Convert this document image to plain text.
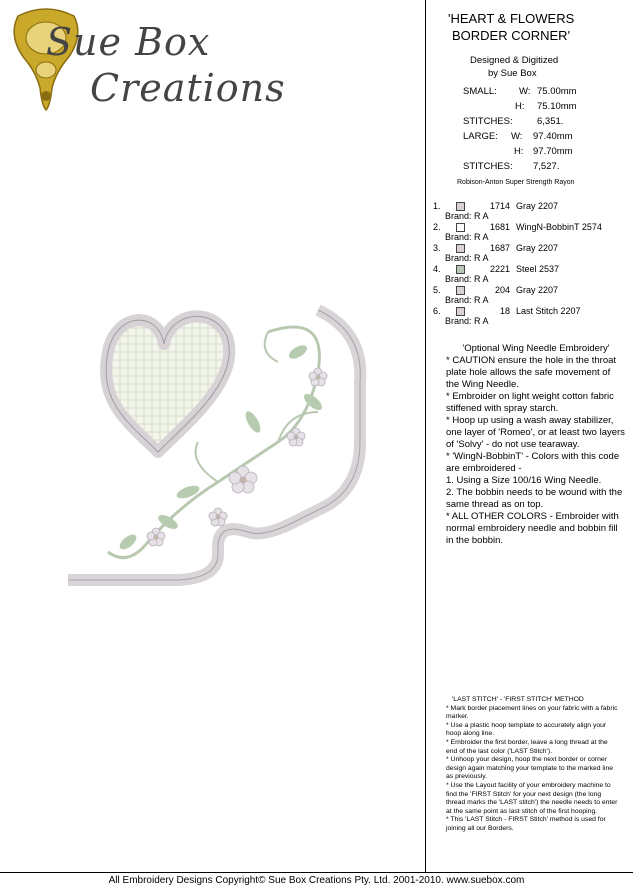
Sue Box
Creations
'HEART & FLOWERS
BORDER CORNER'
Designed & Digitized
by Sue Box
SMALL: W: 75.00mm
H: 75.10mm
STITCHES:	6,351.
LARGE: W: 97.40mm
H: 97.70mm
STITCHES: 7,527.
Robison-Anton Super Strength Rayon
1.	1714 Gray 2207
Brand: R A
2.	1681 WingN-BobbinT 2574
Brand: R A
3.	1687 Gray 2207
Brand: R A
4.	2221 Steel 2537
Brand: R A
5.	204 Gray 2207
Brand: R A
6.	18 Last Stitch 2207
Brand: R A

'Optional Wing Needle Embroidery'

* CAUTION ensure the hole in the throat plate hole allows the safe movement of the Wing Needle.

* Embroider on light weight cotton fabric stiffened with spray starch.

* Hoop up using a wash away stabilizer, one layer of 'Romeo', or at least two layers of 'Solvy' - do not use tearaway.

* 'WingN-BobbinT' - Colors with this code are embroidered -

1. Using a Size 100/16 Wing Needle.

2. The bobbin needs to be wound with the same thread as on top.

* ALL OTHER COLORS - Embroider with normal embroidery needle and bobbin fill in the bobbin.

'LAST STITCH' - 'FIRST STITCH' METHOD

* Mark border placement lines on your fabric with a fabric marker.

* Use a plastic hoop template to accurately align your hoop along line.

* Embroider the first border, leave a long thread at the end of the last color ('LAST Stitch').

* Unhoop your design, hoop the next border or corner design again matching your template to the marked line as previously.

* Use the Layout facility of your embroidery machine to find the 'FIRST Stitch' for your next design (the long thread marks the 'LAST stitch') the needle needs to enter at the same point as last stitch of the first hooping.

* This 'LAST Stitch - FIRST Stitch' method is used for joining all our Borders.

All Embroidery Designs Copyright© Sue Box Creations Pty. Ltd. 2001-2010. www.suebox.com
